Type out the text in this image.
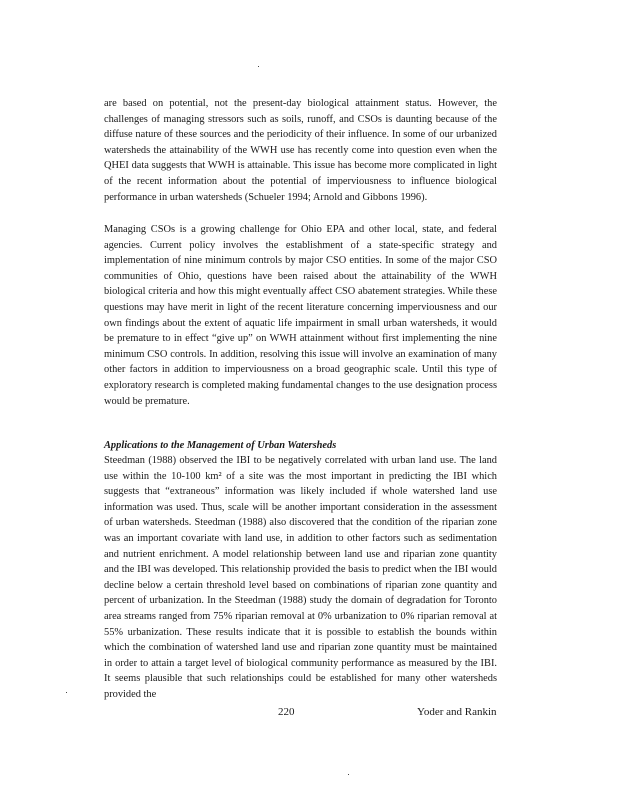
are based on potential, not the present-day biological attainment status. However, the challenges of managing stressors such as soils, runoff, and CSOs is daunting because of the diffuse nature of these sources and the periodicity of their influence. In some of our urbanized watersheds the attainability of the WWH use has recently come into question even when the QHEI data suggests that WWH is attainable. This issue has become more complicated in light of the recent information about the potential of imperviousness to influence biological performance in urban watersheds (Schueler 1994; Arnold and Gibbons 1996).

Managing CSOs is a growing challenge for Ohio EPA and other local, state, and federal agencies. Current policy involves the establishment of a state-specific strategy and implementation of nine minimum controls by major CSO entities. In some of the major CSO communities of Ohio, questions have been raised about the attainability of the WWH biological criteria and how this might eventually affect CSO abatement strategies. While these questions may have merit in light of the recent literature concerning imperviousness and our own findings about the extent of aquatic life impairment in small urban watersheds, it would be premature to in effect “give up” on WWH attainment without first implementing the nine minimum CSO controls. In addition, resolving this issue will involve an examination of many other factors in addition to imperviousness on a broad geographic scale. Until this type of exploratory research is completed making fundamental changes to the use designation process would be premature.

Applications to the Management of Urban Watersheds

Steedman (1988) observed the IBI to be negatively correlated with urban land use. The land use within the 10-100 km² of a site was the most important in predicting the IBI which suggests that “extraneous” information was likely included if whole watershed land use information was used. Thus, scale will be another important consideration in the assessment of urban watersheds. Steedman (1988) also discovered that the condition of the riparian zone was an important covariate with land use, in addition to other factors such as sedimentation and nutrient enrichment. A model relationship between land use and riparian zone quantity and the IBI was developed. This relationship provided the basis to predict when the IBI would decline below a certain threshold level based on combinations of riparian zone quantity and percent of urbanization. In the Steedman (1988) study the domain of degradation for Toronto area streams ranged from 75% riparian removal at 0% urbanization to 0% riparian removal at 55% urbanization. These results indicate that it is possible to establish the bounds within which the combination of watershed land use and riparian zone quantity must be maintained in order to attain a target level of biological community performance as measured by the IBI. It seems plausible that such relationships could be established for many other watersheds provided the

220	Yoder and Rankin
